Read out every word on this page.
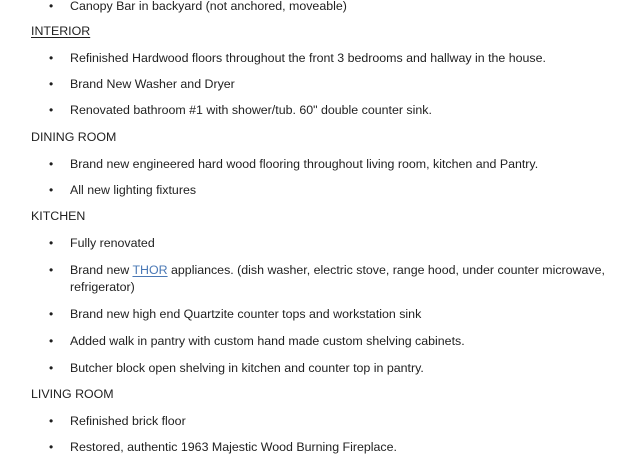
•	Canopy Bar in backyard (not anchored, moveable)
INTERIOR
•	Refinished Hardwood floors throughout the front 3 bedrooms and hallway in the house.
•	Brand New Washer and Dryer
•	Renovated bathroom #1 with shower/tub. 60" double counter sink.
DINING ROOM
•	Brand new engineered hard wood flooring throughout living room, kitchen and Pantry.
•	All new lighting fixtures
KITCHEN
•	Fully renovated
•	Brand new THOR appliances. (dish washer, electric stove, range hood, under counter microwave,
refrigerator)
•	Brand new high end Quartzite counter tops and workstation sink
•	Added walk in pantry with custom hand made custom shelving cabinets.
•	Butcher block open shelving in kitchen and counter top in pantry.
LIVING ROOM
•	Refinished brick floor
•	Restored, authentic 1963 Majestic Wood Burning Fireplace.
